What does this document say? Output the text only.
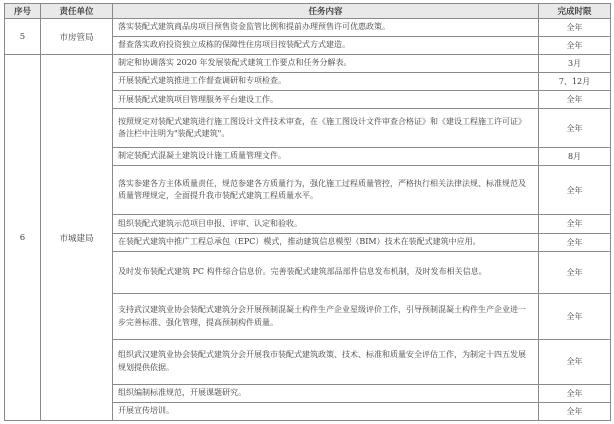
序号	责任单位	任务内容	完成时限
5	市房管局	落实装配式建筑商品房项目预售资金监管比例和提前办理预售许可优惠政策。	全年
		督查落实政府投资独立成栋的保障性住房项目按装配式方式建造。	全年
6	市城建局	制定和协调落实 2020 年发展装配式建筑工作要点和任务分解表。	3月
		开展装配式建筑推进工作督查调研和专项检查。	7、12月
		开展装配式建筑项目管理服务平台建设工作。	全年
		按照规定对装配式建筑进行施工图设计文件技术审查，在《施工图设计文件审查合格证》和《建设工程施工许可证》备注栏中注明为"装配式建筑"。	全年
		制定装配式混凝土建筑设计施工质量管理文件。	8月
		落实参建各方主体质量责任，规范参建各方质量行为，强化施工过程质量管控，严格执行相关法律法规、标准规范及质量管理规定，全面提升我市装配式建筑工程质量水平。	全年
		组织装配式建筑示范项目申报、评审、认定和验收。	全年
		在装配式建筑中推广工程总承包（EPC）模式，推动建筑信息模型（BIM）技术在装配式建筑中应用。	全年
		及时发布装配式建筑 PC 构件综合信息价。完善装配式建筑部品部件信息发布机制，及时发布相关信息。	全年
		支持武汉建筑业协会装配式建筑分会开展预制混凝土构件生产企业星级评价工作，引导预制混凝土构件生产企业进一步完善标准、强化管理，提高预制构件质量。	全年
		组织武汉建筑业协会装配式建筑分会开展我市装配式建筑政策、技术、标准和质量安全评估工作，为制定十四五发展规划提供依据。	全年
		组织编制标准规范，开展课题研究。	全年
		开展宣传培训。	全年
